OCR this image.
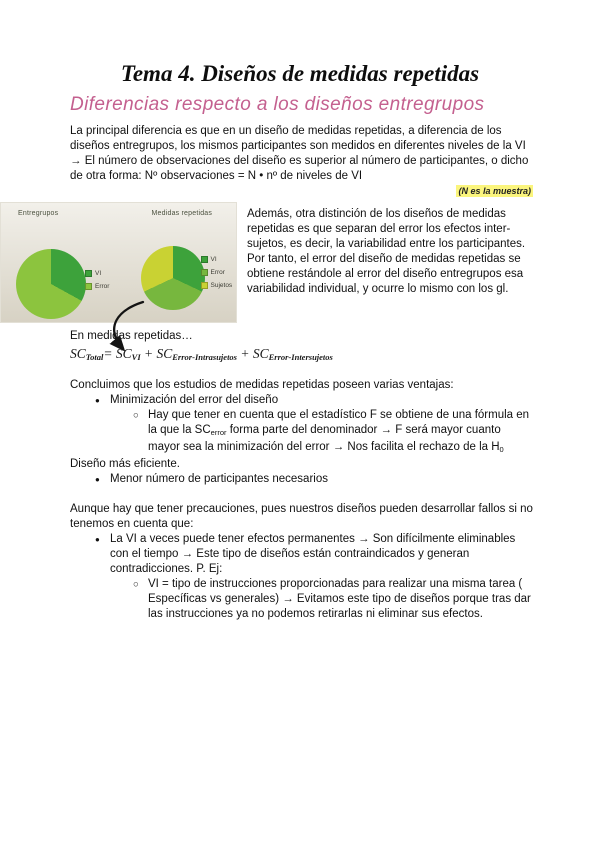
Tema 4. Diseños de medidas repetidas
Diferencias respecto a los diseños entregrupos

La principal diferencia es que en un diseño de medidas repetidas, a diferencia de los diseños entregrupos, los mismos participantes son medidos en diferentes niveles de la VI → El número de observaciones del diseño es superior al número de participantes, o dicho de otra forma: Nº observaciones = N • nº de niveles de VI

(N es la muestra)

Entregrupos
VI
Error
Medidas repetidas
VI
Error
Sujetos

Además, otra distinción de los diseños de medidas repetidas es que separan del error los efectos inter-sujetos, es decir, la variabilidad entre los participantes. Por tanto, el error del diseño de medidas repetidas se obtiene restándole al error del diseño entregrupos esa variabilidad individual, y ocurre lo mismo con los gl.

En medidas repetidas…

$SC_{Total}= SC_{VI} + SC_{Error-Intrasujetos} + SC_{Error-Intersujetos}$

Concluimos que los estudios de medidas repetidas poseen varias ventajas:

● Minimización del error del diseño
○ Hay que tener en cuenta que el estadístico F se obtiene de una fórmula en la que la $SC_{error}$ forma parte del denominador → F será mayor cuanto mayor sea la minimización del error → Nos facilita el rechazo de la $H_0$

Diseño más eficiente.

● Menor número de participantes necesarios

Aunque hay que tener precauciones, pues nuestros diseños pueden desarrollar fallos si no tenemos en cuenta que:

● La VI a veces puede tener efectos permanentes → Son difícilmente eliminables con el tiempo → Este tipo de diseños están contraindicados y generan contradicciones. P. Ej:
○ VI = tipo de instrucciones proporcionadas para realizar una misma tarea ( Específicas vs generales) → Evitamos este tipo de diseños porque tras dar las instrucciones ya no podemos retirarlas ni eliminar sus efectos.
